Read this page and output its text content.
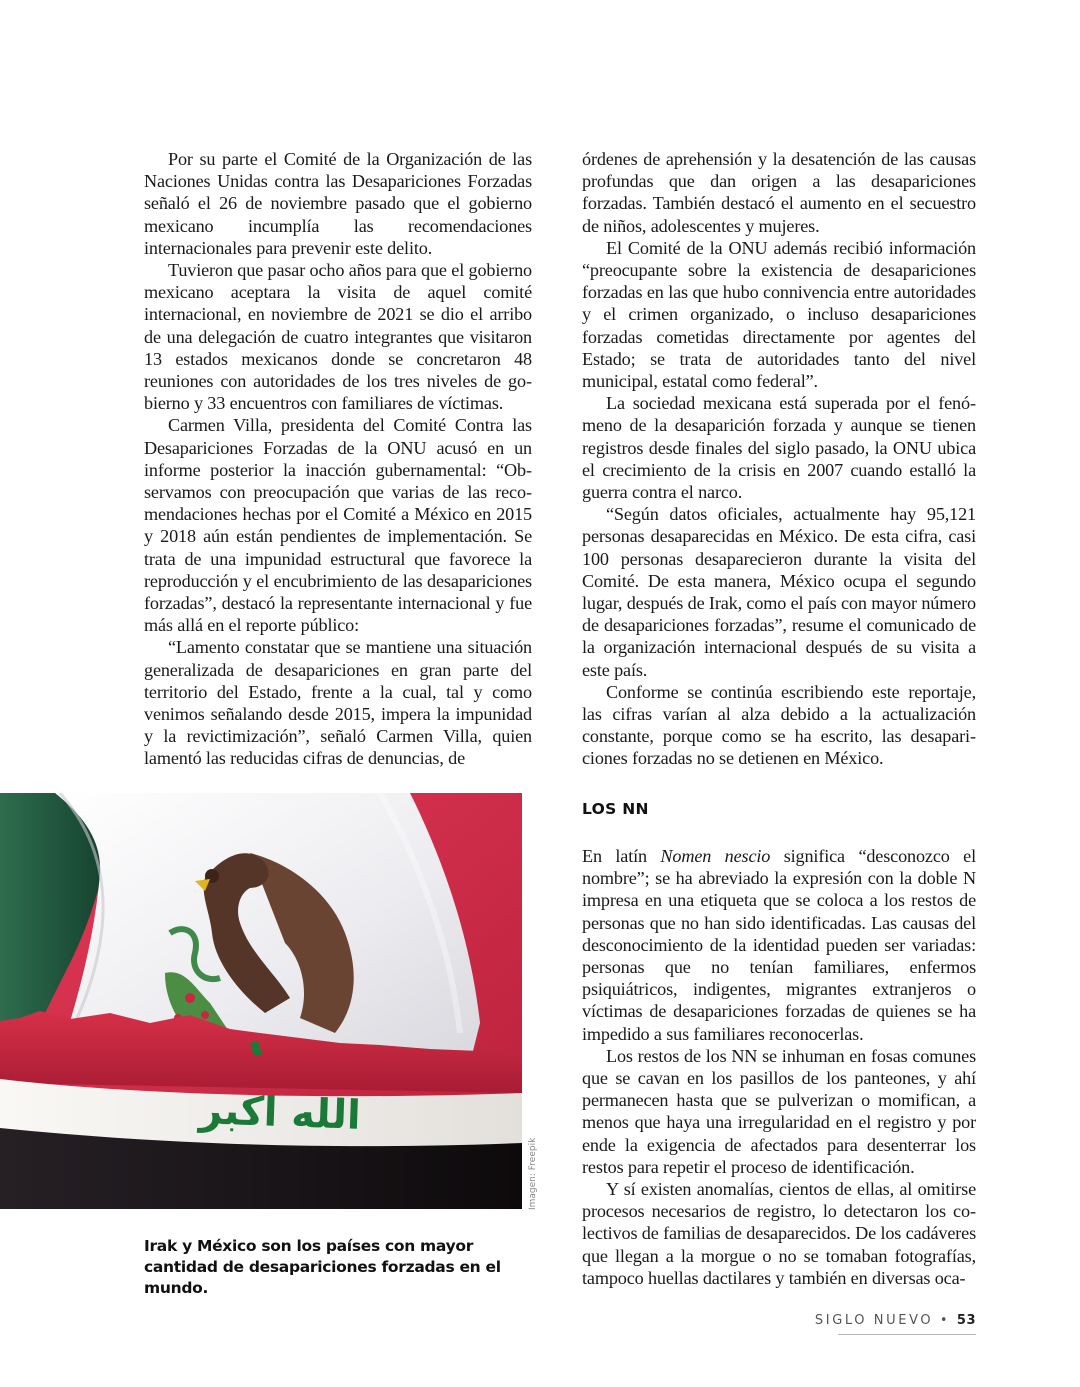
Por su parte el Comité de la Organización de las Naciones Unidas contra las Desapariciones Forzadas señaló el 26 de noviembre pasado que el gobierno mexicano incumplía las recomendaciones internacionales para prevenir este delito.

Tuvieron que pasar ocho años para que el gobierno mexicano aceptara la visita de aquel comité internacional, en noviembre de 2021 se dio el arribo de una delegación de cuatro integrantes que visitaron 13 estados mexicanos donde se concretaron 48 reuniones con autoridades de los tres niveles de gobierno y 33 encuentros con familiares de víctimas.

Carmen Villa, presidenta del Comité Contra las Desapariciones Forzadas de la ONU acusó en un informe posterior la inacción gubernamental: “Observamos con preocupación que varias de las recomendaciones hechas por el Comité a México en 2015 y 2018 aún están pendientes de implementación. Se trata de una impunidad estructural que favorece la reproducción y el encubrimiento de las desapariciones forzadas”, destacó la representante internacional y fue más allá en el reporte público:

“Lamento constatar que se mantiene una situación generalizada de desapariciones en gran parte del territorio del Estado, frente a la cual, tal y como venimos señalando desde 2015, impera la impunidad y la revictimización”, señaló Carmen Villa, quien lamentó las reducidas cifras de denuncias, de

órdenes de aprehensión y la desatención de las causas profundas que dan origen a las desapariciones forzadas. También destacó el aumento en el secuestro de niños, adolescentes y mujeres.

El Comité de la ONU además recibió información “preocupante sobre la existencia de desapariciones forzadas en las que hubo connivencia entre autoridades y el crimen organizado, o incluso desapariciones forzadas cometidas directamente por agentes del Estado; se trata de autoridades tanto del nivel municipal, estatal como federal”.

La sociedad mexicana está superada por el fenómeno de la desaparición forzada y aunque se tienen registros desde finales del siglo pasado, la ONU ubica el crecimiento de la crisis en 2007 cuando estalló la guerra contra el narco.

“Según datos oficiales, actualmente hay 95,121 personas desaparecidas en México. De esta cifra, casi 100 personas desaparecieron durante la visita del Comité. De esta manera, México ocupa el segundo lugar, después de Irak, como el país con mayor número de desapariciones forzadas”, resume el comunicado de la organización internacional después de su visita a este país.

Conforme se continúa escribiendo este reportaje, las cifras varían al alza debido a la actualización constante, porque como se ha escrito, las desapariciones forzadas no se detienen en México.

الله اكبر
Imagen: Freepik
Irak y México son los países con mayor cantidad de desapariciones forzadas en el mundo.
LOS NN

En latín Nomen nescio significa “desconozco el nombre”; se ha abreviado la expresión con la doble N impresa en una etiqueta que se coloca a los restos de personas que no han sido identificadas. Las causas del desconocimiento de la identidad pueden ser variadas: personas que no tenían familiares, enfermos psiquiátricos, indigentes, migrantes extranjeros o víctimas de desapariciones forzadas de quienes se ha impedido a sus familiares reconocerlas.

Los restos de los NN se inhuman en fosas comunes que se cavan en los pasillos de los panteones, y ahí permanecen hasta que se pulverizan o momifican, a menos que haya una irregularidad en el registro y por ende la exigencia de afectados para desenterrar los restos para repetir el proceso de identificación.

Y sí existen anomalías, cientos de ellas, al omitirse procesos necesarios de registro, lo detectaron los colectivos de familias de desaparecidos. De los cadáveres que llegan a la morgue o no se tomaban fotografías, tampoco huellas dactilares y también en diversas oca-

SIGLO NUEVO • 53
